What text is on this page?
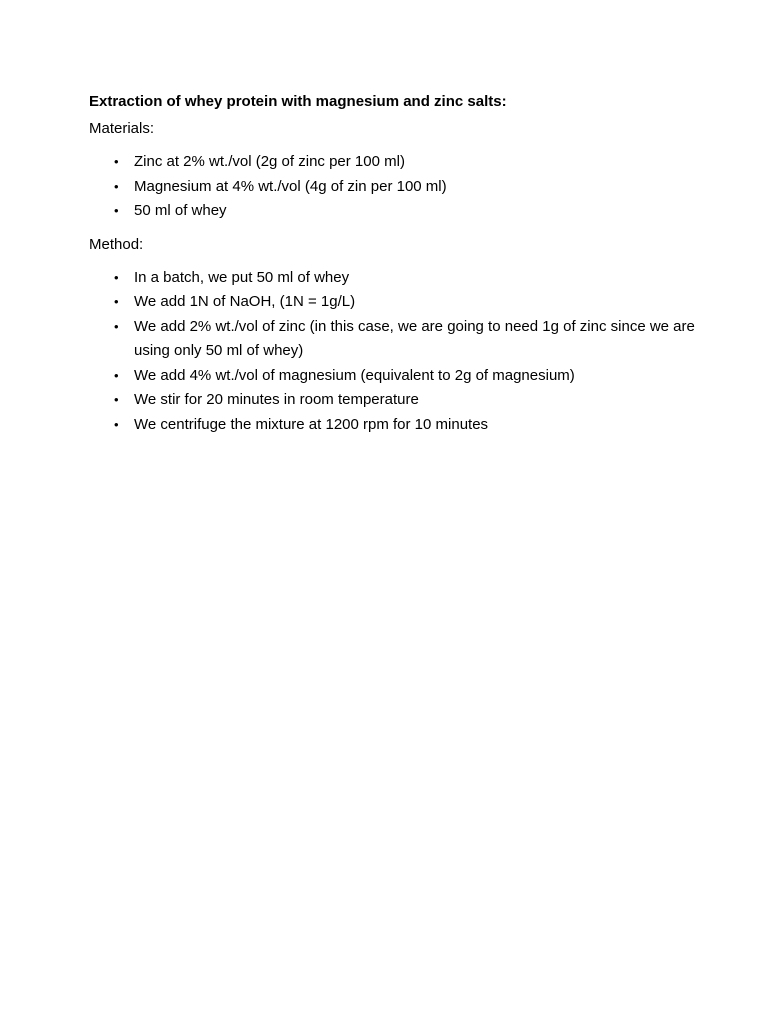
Extraction of whey protein with magnesium and zinc salts:
Materials:
• Zinc at 2% wt./vol (2g of zinc per 100 ml)
• Magnesium at 4% wt./vol (4g of zin per 100 ml)
• 50 ml of whey
Method:
• In a batch, we put 50 ml of whey
• We add 1N of NaOH, (1N = 1g/L)
• We add 2% wt./vol of zinc (in this case, we are going to need 1g of zinc since we are using only 50 ml of whey)
• We add 4% wt./vol of magnesium (equivalent to 2g of magnesium)
• We stir for 20 minutes in room temperature
• We centrifuge the mixture at 1200 rpm for 10 minutes
